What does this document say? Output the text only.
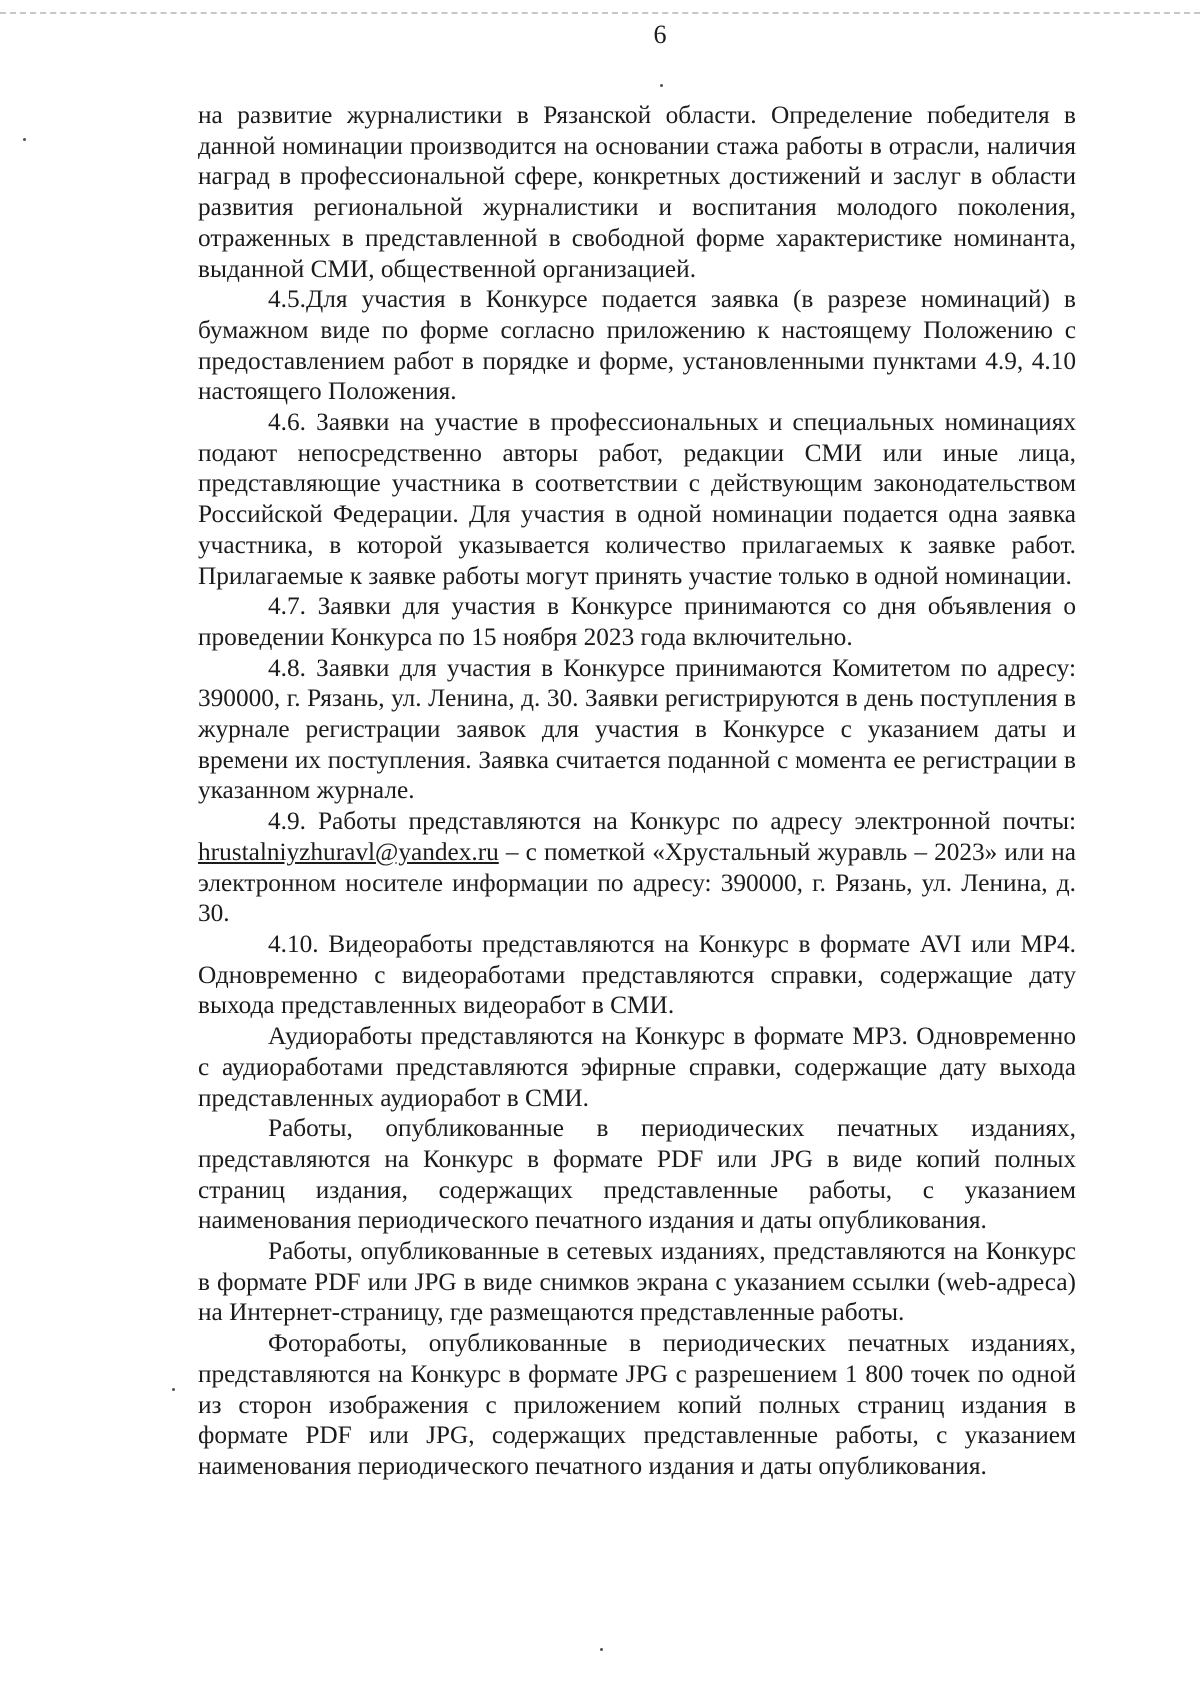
6

на развитие журналистики в Рязанской области. Определение победителя в данной номинации производится на основании стажа работы в отрасли, наличия наград в профессиональной сфере, конкретных достижений и заслуг в области развития региональной журналистики и воспитания молодого поколения, отраженных в представленной в свободной форме характеристике номинанта, выданной СМИ, общественной организацией.

4.5.Для участия в Конкурсе подается заявка (в разрезе номинаций) в бумажном виде по форме согласно приложению к настоящему Положению с предоставлением работ в порядке и форме, установленными пунктами 4.9, 4.10 настоящего Положения.

4.6. Заявки на участие в профессиональных и специальных номинациях подают непосредственно авторы работ, редакции СМИ или иные лица, представляющие участника в соответствии с действующим законодательством Российской Федерации. Для участия в одной номинации подается одна заявка участника, в которой указывается количество прилагаемых к заявке работ. Прилагаемые к заявке работы могут принять участие только в одной номинации.

4.7. Заявки для участия в Конкурсе принимаются со дня объявления о проведении Конкурса по 15 ноября 2023 года включительно.

4.8. Заявки для участия в Конкурсе принимаются Комитетом по адресу: 390000, г. Рязань, ул. Ленина, д. 30. Заявки регистрируются в день поступления в журнале регистрации заявок для участия в Конкурсе с указанием даты и времени их поступления. Заявка считается поданной с момента ее регистрации в указанном журнале.

4.9. Работы представляются на Конкурс по адресу электронной почты: hrustalniyzhuravl@yandex.ru – с пометкой «Хрустальный журавль – 2023» или на электронном носителе информации по адресу: 390000, г. Рязань, ул. Ленина, д. 30.

4.10. Видеоработы представляются на Конкурс в формате AVI или MP4. Одновременно с видеоработами представляются справки, содержащие дату выхода представленных видеоработ в СМИ.

Аудиоработы представляются на Конкурс в формате МР3. Одновременно с аудиоработами представляются эфирные справки, содержащие дату выхода представленных аудиоработ в СМИ.

Работы, опубликованные в периодических печатных изданиях, представляются на Конкурс в формате PDF или JPG в виде копий полных страниц издания, содержащих представленные работы, с указанием наименования периодического печатного издания и даты опубликования.

Работы, опубликованные в сетевых изданиях, представляются на Конкурс в формате PDF или JPG в виде снимков экрана с указанием ссылки (web-адреса) на Интернет-страницу, где размещаются представленные работы.

Фотоработы, опубликованные в периодических печатных изданиях, представляются на Конкурс в формате JPG с разрешением 1 800 точек по одной из сторон изображения с приложением копий полных страниц издания в формате PDF или JPG, содержащих представленные работы, с указанием наименования периодического печатного издания и даты опубликования.
